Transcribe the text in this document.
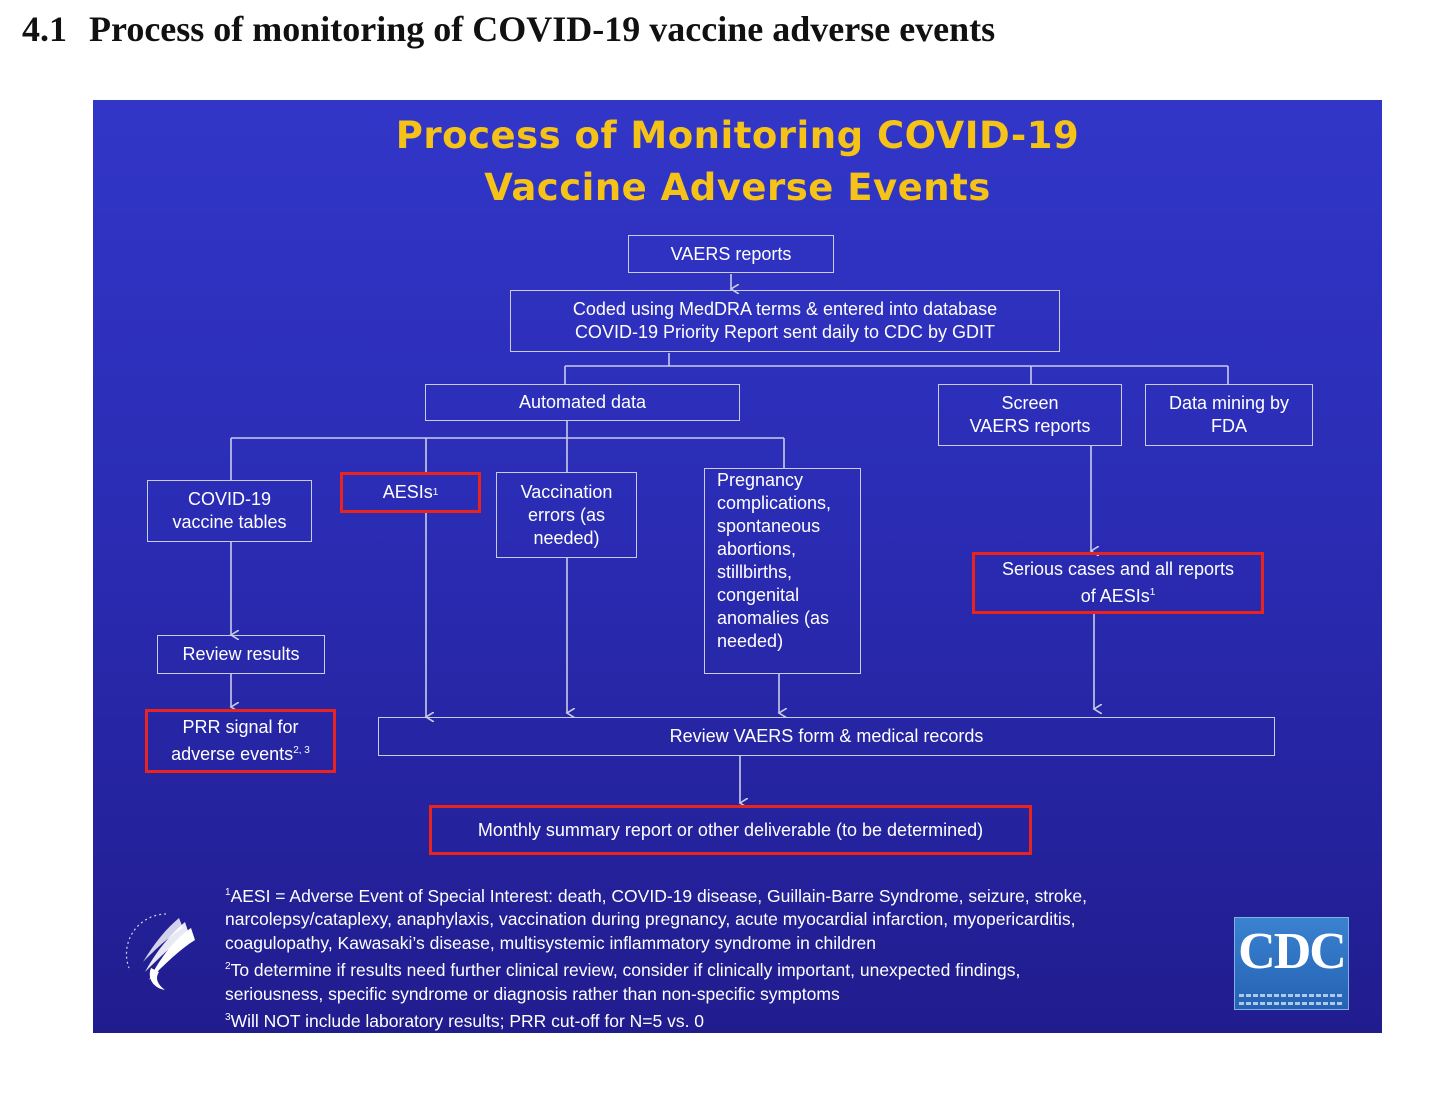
4.1 Process of monitoring of COVID-19 vaccine adverse events
Process of Monitoring COVID-19
Vaccine Adverse Events
VAERS reports
Coded using MedDRA terms & entered into database
COVID-19 Priority Report sent daily to CDC by GDIT
Automated data	Screen
VAERS reports
Data mining by
FDA
COVID-19
vaccine tables
AESIs 1	Vaccination
errors (as
needed)
Pregnancy
complications,
spontaneous
abortions,
stillbirths,
congenital
anomalies (as
needed)
Serious cases and all reports
of AESIs$^1$
Review results
PRR signal for
adverse events$^{2, 3}$
Review VAERS form & medical records
Monthly summary report or other deliverable (to be determined)
$^1$AESI = Adverse Event of Special Interest: death, COVID-19 disease, Guillain-Barre Syndrome, seizure, stroke,
narcolepsy/cataplexy, anaphylaxis, vaccination during pregnancy, acute myocardial infarction, myopericarditis,
coagulopathy, Kawasaki’s disease, multisystemic inflammatory syndrome in children
$^2$To determine if results need further clinical review, consider if clinically important, unexpected findings,
seriousness, specific syndrome or diagnosis rather than non-specific symptoms
$^3$Will NOT include laboratory results; PRR cut-off for N=5 vs. 0
CDC
